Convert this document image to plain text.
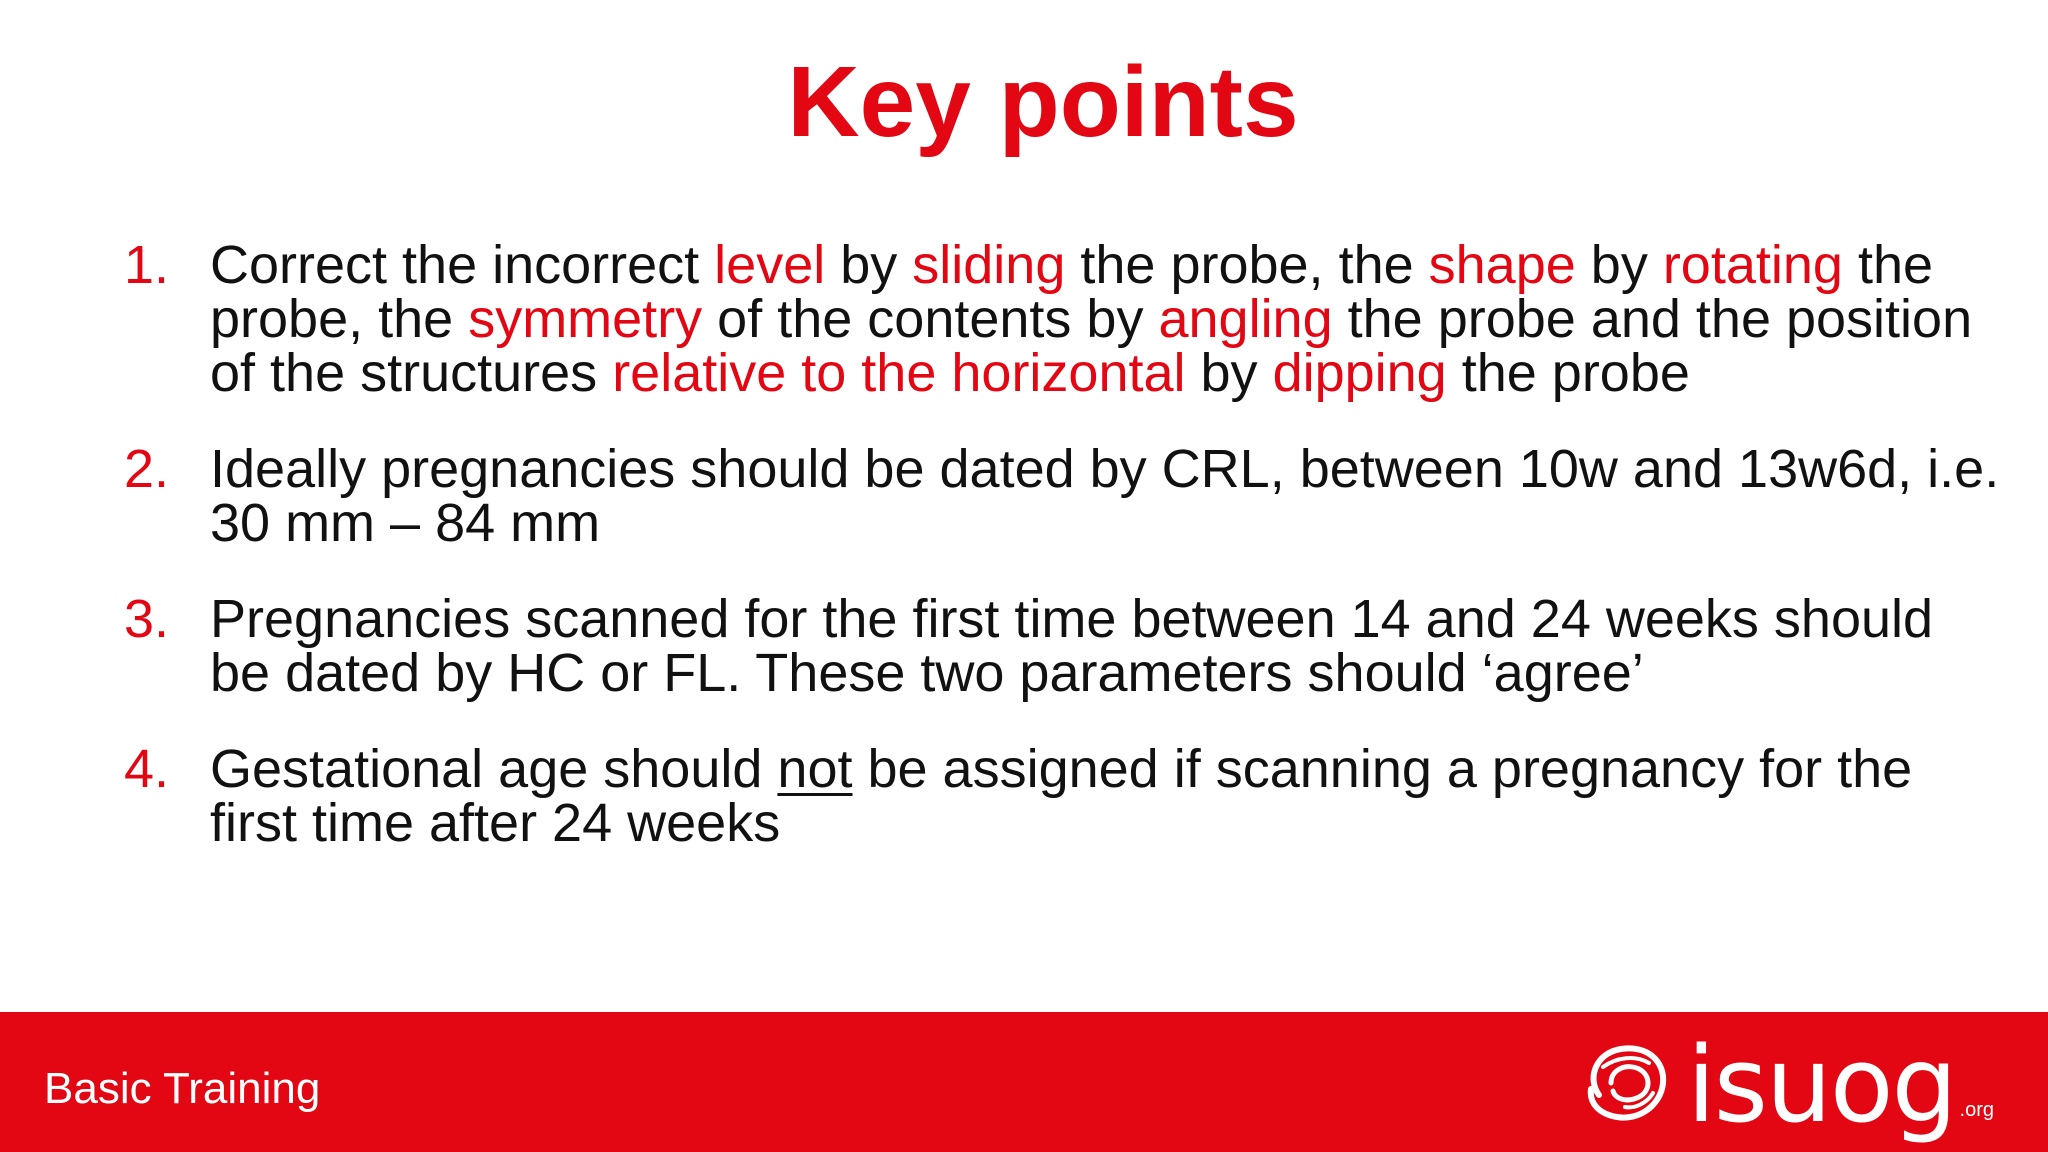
Key points
1. Correct the incorrect level by sliding the probe, the shape by rotating the probe, the symmetry of the contents by angling the probe and the position of the structures relative to the horizontal by dipping the probe
2. Ideally pregnancies should be dated by CRL, between 10w and 13w6d, i.e. 30 mm – 84 mm
3. Pregnancies scanned for the first time between 14 and 24 weeks should be dated by HC or FL. These two parameters should ‘agree’
4. Gestational age should not be assigned if scanning a pregnancy for the first time after 24 weeks
Basic Training	isuog .org
